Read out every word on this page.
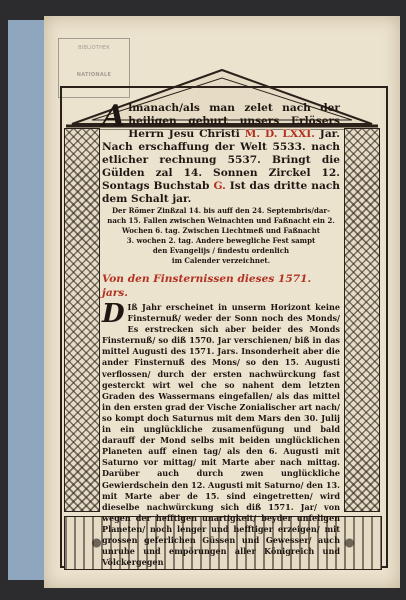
BIBLIOTHEK
NATIONALE

Almanach/als man zelet nach der heiligen geburt unsers Erlösers Herrn Jesu Christi M. D. LXXI. Jar. Nach erschaffung der Welt 5533. nach etlicher rechnung 5537. Bringt die Gülden zal 14. Sonnen Zirckel 12. Sontags Buchstab G. Ist das dritte nach dem Schalt jar.

Der Römer Zinßzal 14. bis auff den 24. Septembris/dar-

nach 15. Fallen zwischen Weinachten und Faßnacht ein 2.

Wochen 6. tag. Zwischen Liechtmeß und Faßnacht

3. wochen 2. tag. Andere bewegliche Fest sampt

den Evangelijs / findestu ordenlich

im Calender verzeichnet.

Von den Finsternissen dieses 1571. jars.

D Iß Jahr erscheinet in unserm Horizont keine Finsternuß/ weder der Sonn noch des Monds/ Es erstrecken sich aber beider des Monds Finsternuß/ so diß 1570. Jar verschienen/ biß in das mittel Augusti des 1571. Jars. Insonderheit aber die ander Finsternuß des Mons/ so den 15. Augusti verflossen/ durch der ersten nachwürckung fast gesterckt wirt wel che so nahent dem letzten Graden des Wassermans eingefallen/ als das mittel in den ersten grad der Vische Zonialischer art nach/ so kompt doch Saturnus mit dem Mars den 30. Julij in ein unglückliche zusamenfügung und bald darauff der Mond selbs mit beiden unglücklichen Planeten auff einen tag/ als den 6. Augusti mit Saturno vor mittag/ mit Marte aber nach mittag. Darüber auch durch zwen unglückliche Gewierdschein den 12. Augusti mit Saturno/ den 13. mit Marte aber de 15. sind eingetretten/ wird dieselbe nachwürckung sich diß 1571. Jar/ von wegen der hefftigen unartigkeit/ beyder unfeligen Planeten/ noch lenger und hefftiger erzeigen/ mit grossen geferlichen Güssen und Gewesser/ auch unruhe und empörungen aller Königreich und Völckergegen
